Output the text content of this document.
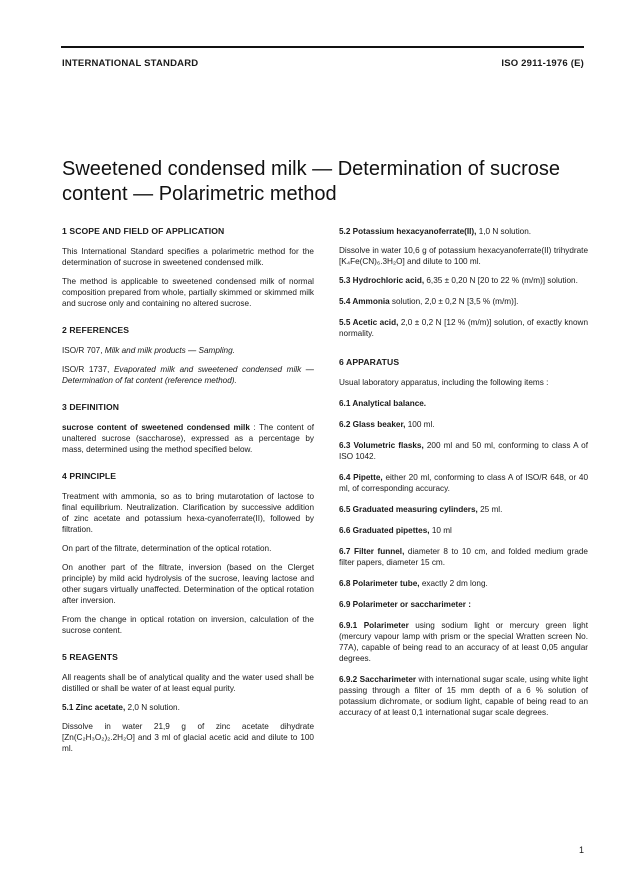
INTERNATIONAL STANDARD	ISO 2911-1976 (E)
Sweetened condensed milk — Determination of sucrose
content — Polarimetric method
1 SCOPE AND FIELD OF APPLICATION

This International Standard specifies a polarimetric method for the determination of sucrose in sweetened condensed milk.

The method is applicable to sweetened condensed milk of normal composition prepared from whole, partially skimmed or skimmed milk and sucrose only and containing no altered sucrose.

2 REFERENCES

ISO/R 707, Milk and milk products — Sampling.

ISO/R 1737, Evaporated milk and sweetened condensed milk — Determination of fat content (reference method).

3 DEFINITION

sucrose content of sweetened condensed milk : The content of unaltered sucrose (saccharose), expressed as a percentage by mass, determined using the method specified below.

4 PRINCIPLE

Treatment with ammonia, so as to bring mutarotation of lactose to final equilibrium. Neutralization. Clarification by successive addition of zinc acetate and potassium hexa-cyanoferrate(II), followed by filtration.

On part of the filtrate, determination of the optical rotation.

On another part of the filtrate, inversion (based on the Clerget principle) by mild acid hydrolysis of the sucrose, leaving lactose and other sugars virtually unaffected. Determination of the optical rotation after inversion.

From the change in optical rotation on inversion, calculation of the sucrose content.

5 REAGENTS

All reagents shall be of analytical quality and the water used shall be distilled or shall be water of at least equal purity.

5.1 Zinc acetate, 2,0 N solution.

Dissolve in water 21,9 g of zinc acetate dihydrate [Zn(C₂H₃O₂)₂.2H₂O] and 3 ml of glacial acetic acid and dilute to 100 ml.

5.2 Potassium hexacyanoferrate(II), 1,0 N solution.

Dissolve in water 10,6 g of potassium hexacyanoferrate(II) trihydrate [K₄Fe(CN)₆.3H₂O] and dilute to 100 ml.

5.3 Hydrochloric acid, 6,35 ± 0,20 N [20 to 22 % (m/m)] solution.

5.4 Ammonia solution, 2,0 ± 0,2 N [3,5 % (m/m)].

5.5 Acetic acid, 2,0 ± 0,2 N [12 % (m/m)] solution, of exactly known normality.

6 APPARATUS

Usual laboratory apparatus, including the following items :

6.1 Analytical balance.

6.2 Glass beaker, 100 ml.

6.3 Volumetric flasks, 200 ml and 50 ml, conforming to class A of ISO 1042.

6.4 Pipette, either 20 ml, conforming to class A of ISO/R 648, or 40 ml, of corresponding accuracy.

6.5 Graduated measuring cylinders, 25 ml.

6.6 Graduated pipettes, 10 ml

6.7 Filter funnel, diameter 8 to 10 cm, and folded medium grade filter papers, diameter 15 cm.

6.8 Polarimeter tube, exactly 2 dm long.

6.9 Polarimeter or saccharimeter :

6.9.1 Polarimeter using sodium light or mercury green light (mercury vapour lamp with prism or the special Wratten screen No. 77A), capable of being read to an accuracy of at least 0,05 angular degrees.

6.9.2 Saccharimeter with international sugar scale, using white light passing through a filter of 15 mm depth of a 6 % solution of potassium dichromate, or sodium light, capable of being read to an accuracy of at least 0,1 international sugar scale degrees.

1
